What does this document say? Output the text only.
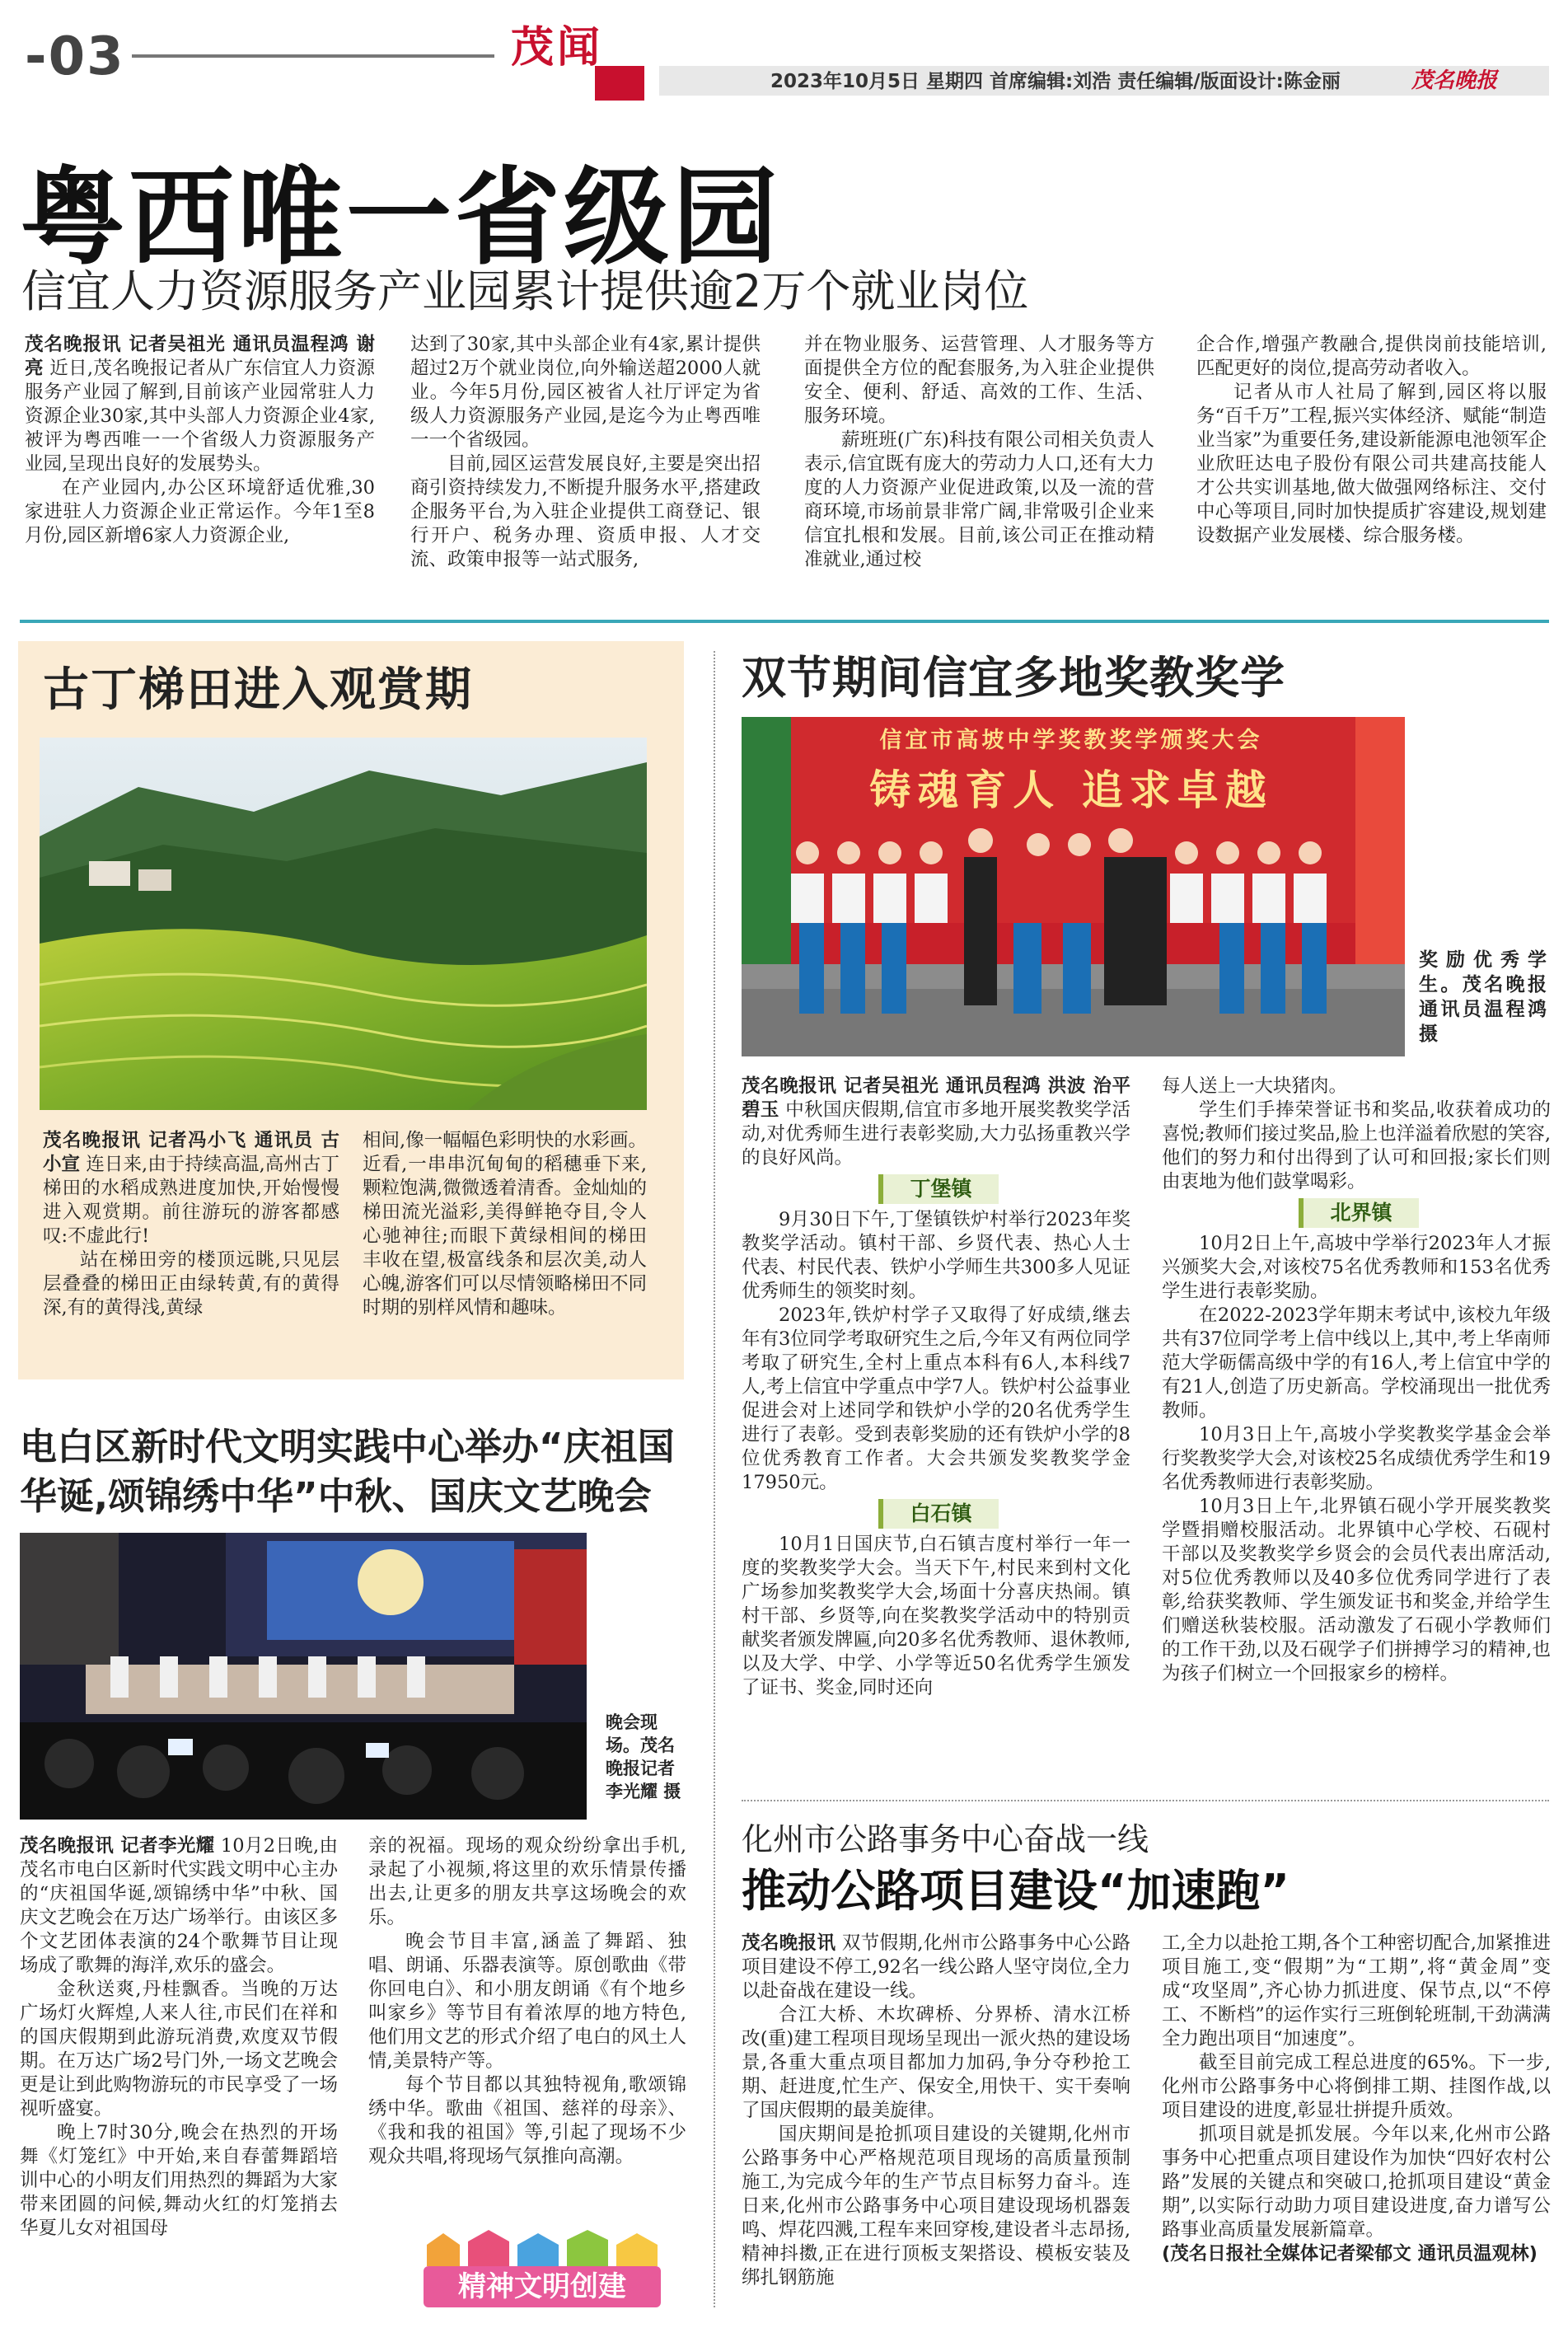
-03	茂闻
2023年10月5日 星期四 首席编辑:刘浩 责任编辑/版面设计:陈金丽	茂名晚报
粤西唯一省级园
信宜人力资源服务产业园累计提供逾2万个就业岗位

茂名晚报讯 记者吴祖光 通讯员温程鸿 谢亮 近日,茂名晚报记者从广东信宜人力资源服务产业园了解到,目前该产业园常驻人力资源企业30家,其中头部人力资源企业4家,被评为粤西唯一一个省级人力资源服务产业园,呈现出良好的发展势头。

在产业园内,办公区环境舒适优雅,30家进驻人力资源企业正常运作。今年1至8月份,园区新增6家人力资源企业,

达到了30家,其中头部企业有4家,累计提供超过2万个就业岗位,向外输送超2000人就业。今年5月份,园区被省人社厅评定为省级人力资源服务产业园,是迄今为止粤西唯一一个省级园。

目前,园区运营发展良好,主要是突出招商引资持续发力,不断提升服务水平,搭建政企服务平台,为入驻企业提供工商登记、银行开户、税务办理、资质申报、人才交流、政策申报等一站式服务,

并在物业服务、运营管理、人才服务等方面提供全方位的配套服务,为入驻企业提供安全、便利、舒适、高效的工作、生活、服务环境。

薪班班(广东)科技有限公司相关负责人表示,信宜既有庞大的劳动力人口,还有大力度的人力资源产业促进政策,以及一流的营商环境,市场前景非常广阔,非常吸引企业来信宜扎根和发展。目前,该公司正在推动精准就业,通过校

企合作,增强产教融合,提供岗前技能培训,匹配更好的岗位,提高劳动者收入。

记者从市人社局了解到,园区将以服务“百千万”工程,振兴实体经济、赋能“制造业当家”为重要任务,建设新能源电池领军企业欣旺达电子股份有限公司共建高技能人才公共实训基地,做大做强网络标注、交付中心等项目,同时加快提质扩容建设,规划建设数据产业发展楼、综合服务楼。

古丁梯田进入观赏期

茂名晚报讯 记者冯小飞 通讯员 古小宣 连日来,由于持续高温,高州古丁梯田的水稻成熟进度加快,开始慢慢进入观赏期。前往游玩的游客都感叹:不虚此行!

站在梯田旁的楼顶远眺,只见层层叠叠的梯田正由绿转黄,有的黄得深,有的黄得浅,黄绿

相间,像一幅幅色彩明快的水彩画。近看,一串串沉甸甸的稻穗垂下来,颗粒饱满,微微透着清香。金灿灿的梯田流光溢彩,美得鲜艳夺目,令人心驰神往;而眼下黄绿相间的梯田丰收在望,极富线条和层次美,动人心魄,游客们可以尽情领略梯田不同时期的别样风情和趣味。

电白区新时代文明实践中心举办“庆祖国
华诞,颂锦绣中华”中秋、国庆文艺晚会
晚会现场。茂名晚报记者李光耀 摄

茂名晚报讯 记者李光耀 10月2日晚,由茂名市电白区新时代实践文明中心主办的“庆祖国华诞,颂锦绣中华”中秋、国庆文艺晚会在万达广场举行。由该区多个文艺团体表演的24个歌舞节目让现场成了歌舞的海洋,欢乐的盛会。

金秋送爽,丹桂飘香。当晚的万达广场灯火辉煌,人来人往,市民们在祥和的国庆假期到此游玩消费,欢度双节假期。在万达广场2号门外,一场文艺晚会更是让到此购物游玩的市民享受了一场视听盛宴。

晚上7时30分,晚会在热烈的开场舞《灯笼红》中开始,来自春蕾舞蹈培训中心的小明友们用热烈的舞蹈为大家带来团圆的问候,舞动火红的灯笼捎去华夏儿女对祖国母

亲的祝福。现场的观众纷纷拿出手机,录起了小视频,将这里的欢乐情景传播出去,让更多的朋友共享这场晚会的欢乐。

晚会节目丰富,涵盖了舞蹈、独唱、朗诵、乐器表演等。原创歌曲《带你回电白》、和小朋友朗诵《有个地乡叫家乡》等节目有着浓厚的地方特色,他们用文艺的形式介绍了电白的风土人情,美景特产等。

每个节目都以其独特视角,歌颂锦绣中华。歌曲《祖国、慈祥的母亲》、《我和我的祖国》等,引起了现场不少观众共唱,将现场气氛推向高潮。

精神文明创建
双节期间信宜多地奖教奖学
信宜市高坡中学奖教奖学颁奖大会
铸魂育人 追求卓越
奖励优秀学生。茂名晚报通讯员温程鸿 摄

茂名晚报讯 记者吴祖光 通讯员程鸿 洪波 治平 碧玉 中秋国庆假期,信宜市多地开展奖教奖学活动,对优秀师生进行表彰奖励,大力弘扬重教兴学的良好风尚。

丁堡镇

9月30日下午,丁堡镇铁炉村举行2023年奖教奖学活动。镇村干部、乡贤代表、热心人士代表、村民代表、铁炉小学师生共300多人见证优秀师生的领奖时刻。

2023年,铁炉村学子又取得了好成绩,继去年有3位同学考取研究生之后,今年又有两位同学考取了研究生,全村上重点本科有6人,本科线7人,考上信宜中学重点中学7人。铁炉村公益事业促进会对上述同学和铁炉小学的20名优秀学生进行了表彰。受到表彰奖励的还有铁炉小学的8位优秀教育工作者。大会共颁发奖教奖学金17950元。

白石镇

10月1日国庆节,白石镇吉度村举行一年一度的奖教奖学大会。当天下午,村民来到村文化广场参加奖教奖学大会,场面十分喜庆热闹。镇村干部、乡贤等,向在奖教奖学活动中的特别贡献奖者颁发牌匾,向20多名优秀教师、退休教师,以及大学、中学、小学等近50名优秀学生颁发了证书、奖金,同时还向

每人送上一大块猪肉。

学生们手捧荣誉证书和奖品,收获着成功的喜悦;教师们接过奖品,脸上也洋溢着欣慰的笑容,他们的努力和付出得到了认可和回报;家长们则由衷地为他们鼓掌喝彩。

北界镇

10月2日上午,高坡中学举行2023年人才振兴颁奖大会,对该校75名优秀教师和153名优秀学生进行表彰奖励。

在2022-2023学年期末考试中,该校九年级共有37位同学考上信中线以上,其中,考上华南师范大学砺儒高级中学的有16人,考上信宜中学的有21人,创造了历史新高。学校涌现出一批优秀教师。

10月3日上午,高坡小学奖教奖学基金会举行奖教奖学大会,对该校25名成绩优秀学生和19名优秀教师进行表彰奖励。

10月3日上午,北界镇石砚小学开展奖教奖学暨捐赠校服活动。北界镇中心学校、石砚村干部以及奖教奖学乡贤会的会员代表出席活动,对5位优秀教师以及40多位优秀同学进行了表彰,给获奖教师、学生颁发证书和奖金,并给学生们赠送秋装校服。活动激发了石砚小学教师们的工作干劲,以及石砚学子们拼搏学习的精神,也为孩子们树立一个回报家乡的榜样。

化州市公路事务中心奋战一线
推动公路项目建设“加速跑”

茂名晚报讯 双节假期,化州市公路事务中心公路项目建设不停工,92名一线公路人坚守岗位,全力以赴奋战在建设一线。

合江大桥、木坎碑桥、分界桥、清水江桥改(重)建工程项目现场呈现出一派火热的建设场景,各重大重点项目都加力加码,争分夺秒抢工期、赶进度,忙生产、保安全,用快干、实干奏响了国庆假期的最美旋律。

国庆期间是抢抓项目建设的关键期,化州市公路事务中心严格规范项目现场的高质量预制施工,为完成今年的生产节点目标努力奋斗。连日来,化州市公路事务中心项目建设现场机器轰鸣、焊花四溅,工程车来回穿梭,建设者斗志昂扬,精神抖擞,正在进行顶板支架搭设、模板安装及绑扎钢筋施

工,全力以赴抢工期,各个工种密切配合,加紧推进项目施工,变“假期”为“工期”,将“黄金周”变成“攻坚周”,齐心协力抓进度、保节点,以“不停工、不断档”的运作实行三班倒轮班制,干劲满满全力跑出项目“加速度”。

截至目前完成工程总进度的65%。下一步,化州市公路事务中心将倒排工期、挂图作战,以项目建设的进度,彰显壮拼提升质效。

抓项目就是抓发展。今年以来,化州市公路事务中心把重点项目建设作为加快“四好农村公路”发展的关键点和突破口,抢抓项目建设“黄金期”,以实际行动助力项目建设进度,奋力谱写公路事业高质量发展新篇章。

(茂名日报社全媒体记者梁郁文 通讯员温观林)
